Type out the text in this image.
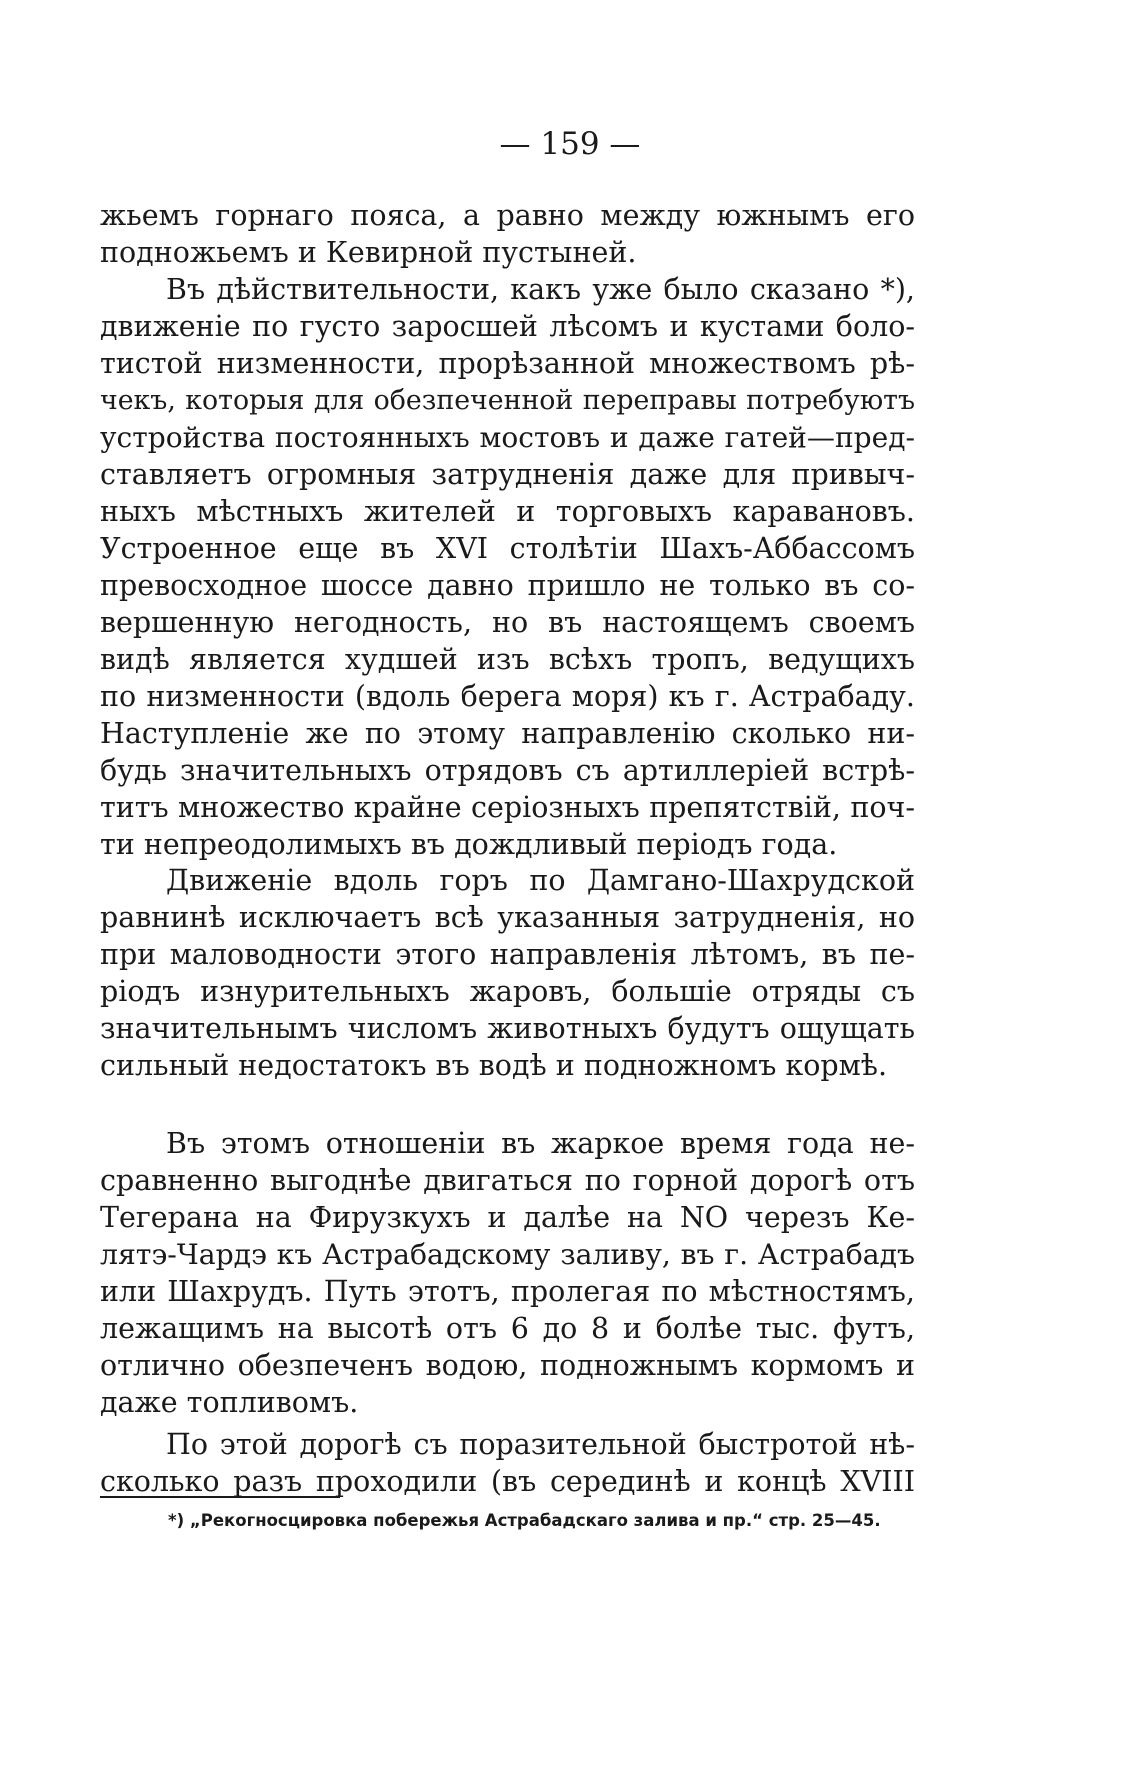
— 159 —
жьемъ горнаго пояса, а равно между южнымъ его
подножьемъ и Кевирной пустыней.
Въ дѣйствительности, какъ уже было сказано *),
движеніе по густо заросшей лѣсомъ и кустами боло-
тистой низменности, прорѣзанной множествомъ рѣ-
чекъ, которыя для обезпеченной переправы потребуютъ
устройства постоянныхъ мостовъ и даже гатей—пред-
ставляетъ огромныя затрудненія даже для привыч-
ныхъ мѣстныхъ жителей и торговыхъ каравановъ.
Устроенное еще въ XVI столѣтіи Шахъ-Аббассомъ
превосходное шоссе давно пришло не только въ со-
вершенную негодность, но въ настоящемъ своемъ
видѣ является худшей изъ всѣхъ тропъ, ведущихъ
по низменности (вдоль берега моря) къ г. Астрабаду.
Наступленіе же по этому направленію сколько ни-
будь значительныхъ отрядовъ съ артиллеріей встрѣ-
титъ множество крайне серіозныхъ препятствій, поч-
ти непреодолимыхъ въ дождливый періодъ года.
Движеніе вдоль горъ по Дамгано-Шахрудской
равнинѣ исключаетъ всѣ указанныя затрудненія, но
при маловодности этого направленія лѣтомъ, въ пе-
ріодъ изнурительныхъ жаровъ, большіе отряды съ
значительнымъ числомъ животныхъ будутъ ощущать
сильный недостатокъ въ водѣ и подножномъ кормѣ.
Въ этомъ отношеніи въ жаркое время года не-
сравненно выгоднѣе двигаться по горной дорогѣ отъ
Тегерана на Фирузкухъ и далѣе на NO черезъ Ке-
лятэ-Чардэ къ Астрабадскому заливу, въ г. Астрабадъ
или Шахрудъ. Путь этотъ, пролегая по мѣстностямъ,
лежащимъ на высотѣ отъ 6 до 8 и болѣе тыс. футъ,
отлично обезпеченъ водою, подножнымъ кормомъ и
даже топливомъ.
По этой дорогѣ съ поразительной быстротой нѣ-
сколько разъ проходили (въ серединѣ и концѣ XVIII
*) „Рекогносцировка побережья Астрабадскаго залива и пр.“ стр. 25—45.
